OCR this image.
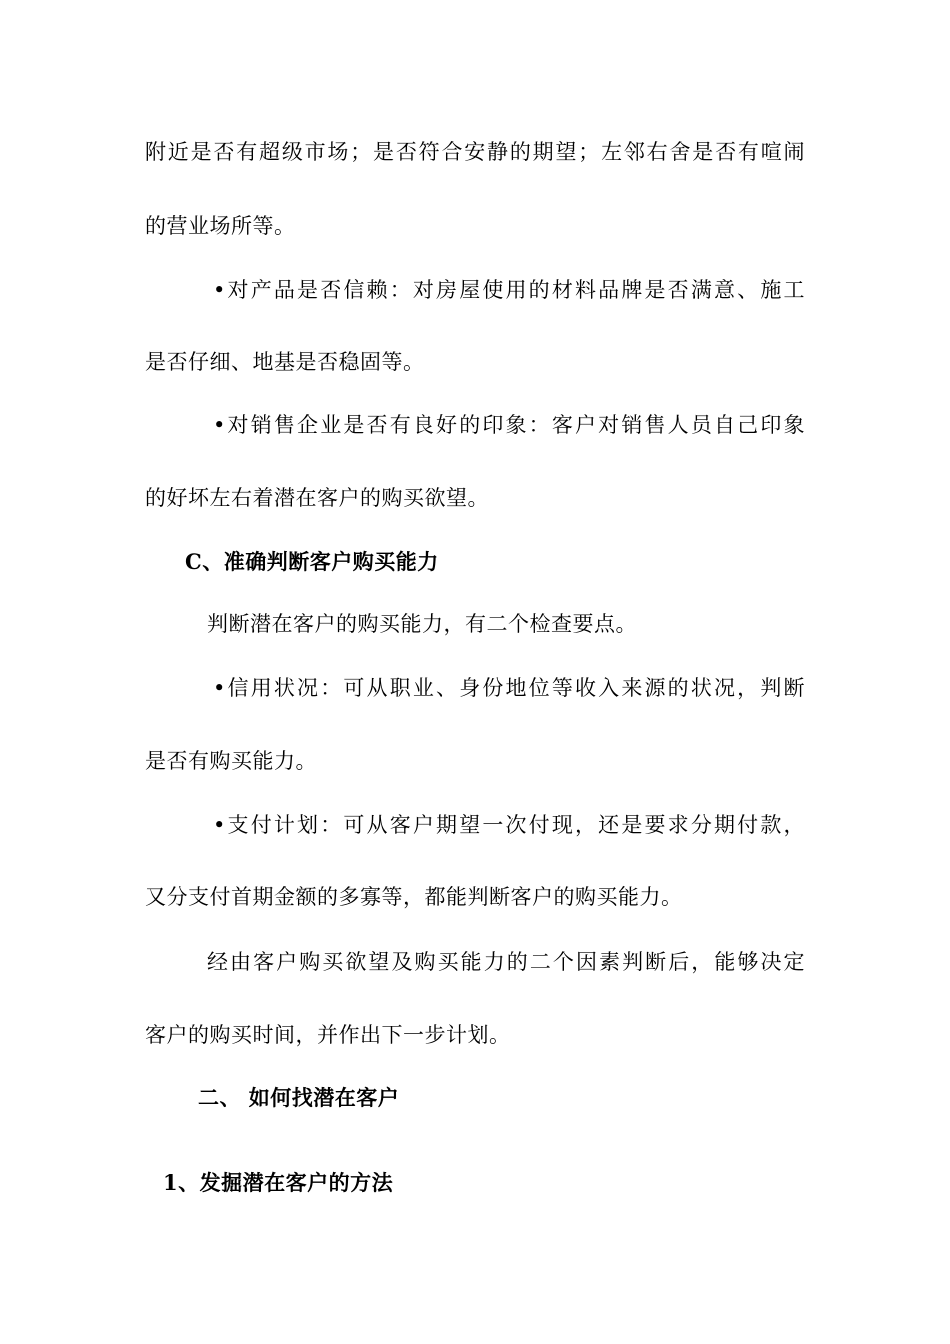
附近是否有超级市场；是否符合安静的期望；左邻右舍是否有喧闹
的营业场所等。
•对产品是否信赖：对房屋使用的材料品牌是否满意、施工
是否仔细、地基是否稳固等。
•对销售企业是否有良好的印象：客户对销售人员自己印象
的好坏左右着潜在客户的购买欲望。
C、准确判断客户购买能力
判断潜在客户的购买能力，有二个检查要点。
•信用状况：可从职业、身份地位等收入来源的状况，判断
是否有购买能力。
•支付计划：可从客户期望一次付现，还是要求分期付款，
又分支付首期金额的多寡等，都能判断客户的购买能力。
经由客户购买欲望及购买能力的二个因素判断后，能够决定
客户的购买时间，并作出下一步计划。
二、 如何找潜在客户
1、发掘潜在客户的方法
